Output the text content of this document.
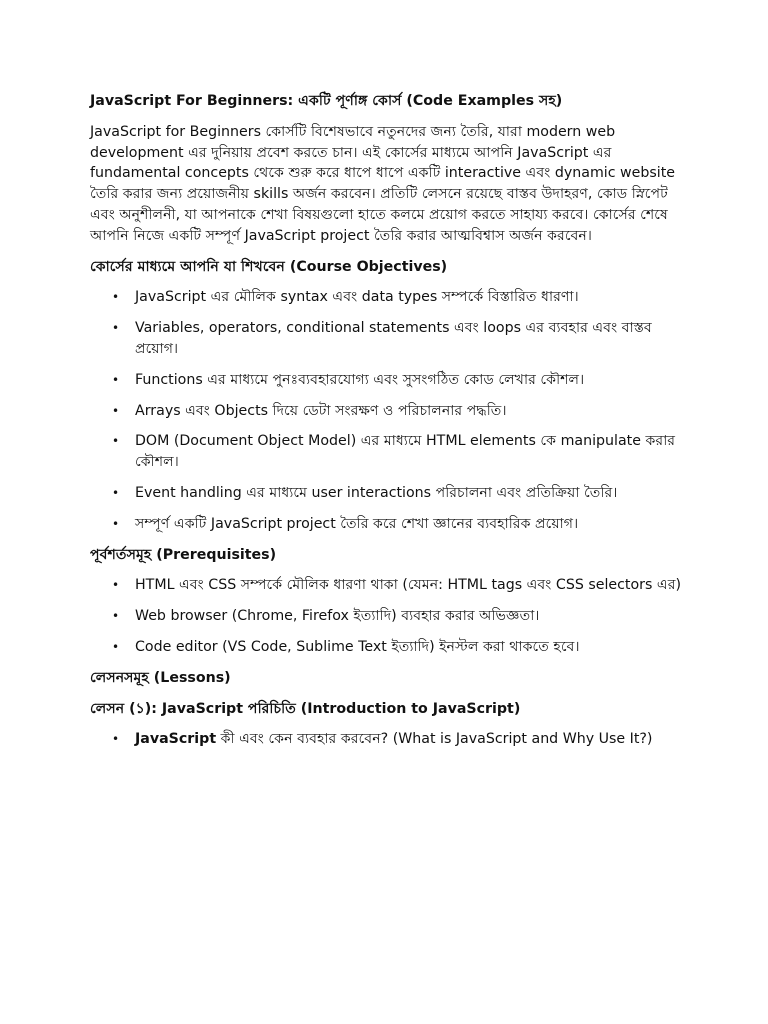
JavaScript For Beginners: একটি পূর্ণাঙ্গ কোর্স (Code Examples সহ)
JavaScript for Beginners কোর্সটি বিশেষভাবে নতুনদের জন্য তৈরি, যারা modern web development এর দুনিয়ায় প্রবেশ করতে চান। এই কোর্সের মাধ্যমে আপনি JavaScript এর fundamental concepts থেকে শুরু করে ধাপে ধাপে একটি interactive এবং dynamic website তৈরি করার জন্য প্রয়োজনীয় skills অর্জন করবেন। প্রতিটি লেসনে রয়েছে বাস্তব উদাহরণ, কোড স্নিপেট এবং অনুশীলনী, যা আপনাকে শেখা বিষয়গুলো হাতে কলমে প্রয়োগ করতে সাহায্য করবে। কোর্সের শেষে আপনি নিজে একটি সম্পূর্ণ JavaScript project তৈরি করার আত্মবিশ্বাস অর্জন করবেন।
কোর্সের মাধ্যমে আপনি যা শিখবেন (Course Objectives)
• JavaScript এর মৌলিক syntax এবং data types সম্পর্কে বিস্তারিত ধারণা।
• Variables, operators, conditional statements এবং loops এর ব্যবহার এবং বাস্তব প্রয়োগ।
• Functions এর মাধ্যমে পুনঃব্যবহারযোগ্য এবং সুসংগঠিত কোড লেখার কৌশল।
• Arrays এবং Objects দিয়ে ডেটা সংরক্ষণ ও পরিচালনার পদ্ধতি।
• DOM (Document Object Model) এর মাধ্যমে HTML elements কে manipulate করার কৌশল।
• Event handling এর মাধ্যমে user interactions পরিচালনা এবং প্রতিক্রিয়া তৈরি।
• সম্পূর্ণ একটি JavaScript project তৈরি করে শেখা জ্ঞানের ব্যবহারিক প্রয়োগ।
পূর্বশর্তসমূহ (Prerequisites)
• HTML এবং CSS সম্পর্কে মৌলিক ধারণা থাকা (যেমন: HTML tags এবং CSS selectors এর)
• Web browser (Chrome, Firefox ইত্যাদি) ব্যবহার করার অভিজ্ঞতা।
• Code editor (VS Code, Sublime Text ইত্যাদি) ইনস্টল করা থাকতে হবে।
লেসনসমূহ (Lessons)
লেসন (১): JavaScript পরিচিতি (Introduction to JavaScript)
• JavaScript কী এবং কেন ব্যবহার করবেন? (What is JavaScript and Why Use It?)
